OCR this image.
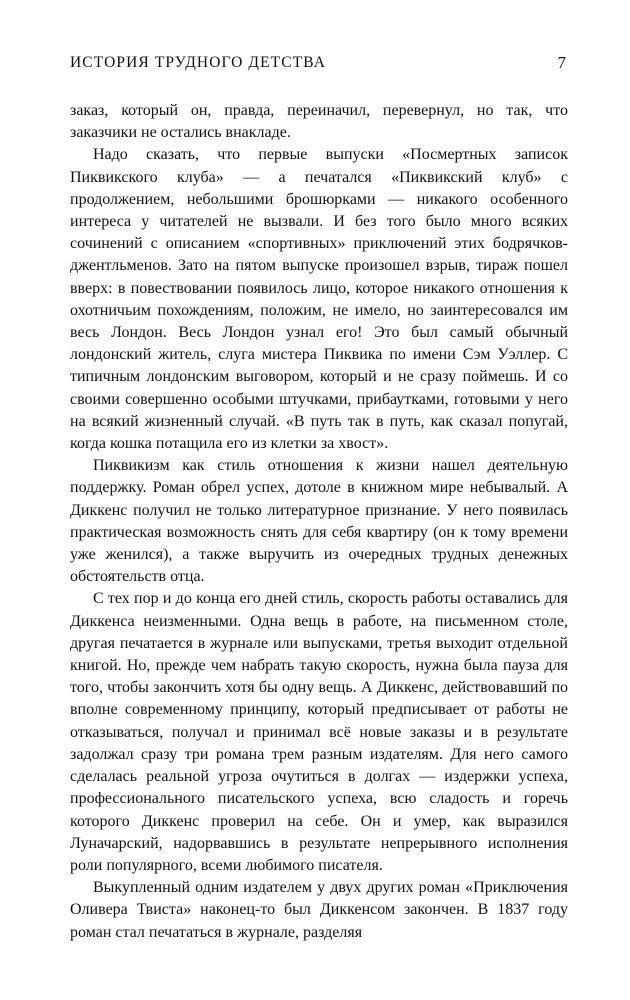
ИСТОРИЯ ТРУДНОГО ДЕТСТВА	7

заказ, который он, правда, переиначил, перевернул, но так, что заказчики не остались внакладе.

Надо сказать, что первые выпуски «Посмертных записок Пиквикского клуба» — а печатался «Пиквикский клуб» с продолжением, небольшими брошюрками — никакого особенного интереса у читателей не вызвали. И без того было много всяких сочинений с описанием «спортивных» приключений этих бодрячков-джентльменов. Зато на пятом выпуске произошел взрыв, тираж пошел вверх: в повествовании появилось лицо, которое никакого отношения к охотничьим похождениям, положим, не имело, но заинтересовался им весь Лондон. Весь Лондон узнал его! Это был самый обычный лондонский житель, слуга мистера Пиквика по имени Сэм Уэллер. С типичным лондонским выговором, который и не сразу поймешь. И со своими совершенно особыми штучками, прибаутками, готовыми у него на всякий жизненный случай. «В путь так в путь, как сказал попугай, когда кошка потащила его из клетки за хвост».

Пиквикизм как стиль отношения к жизни нашел деятельную поддержку. Роман обрел успех, дотоле в книжном мире небывалый. А Диккенс получил не только литературное признание. У него появилась практическая возможность снять для себя квартиру (он к тому времени уже женился), а также выручить из очередных трудных денежных обстоятельств отца.

С тех пор и до конца его дней стиль, скорость работы оставались для Диккенса неизменными. Одна вещь в работе, на письменном столе, другая печатается в журнале или выпусками, третья выходит отдельной книгой. Но, прежде чем набрать такую скорость, нужна была пауза для того, чтобы закончить хотя бы одну вещь. А Диккенс, действовавший по вполне современному принципу, который предписывает от работы не отказываться, получал и принимал всё новые заказы и в результате задолжал сразу три романа трем разным издателям. Для него самого сделалась реальной угроза очутиться в долгах — издержки успеха, профессионального писательского успеха, всю сладость и горечь которого Диккенс проверил на себе. Он и умер, как выразился Луначарский, надорвавшись в результате непрерывного исполнения роли популярного, всеми любимого писателя.

Выкупленный одним издателем у двух других роман «Приключения Оливера Твиста» наконец-то был Диккенсом закончен. В 1837 году роман стал печататься в журнале, разделяя
